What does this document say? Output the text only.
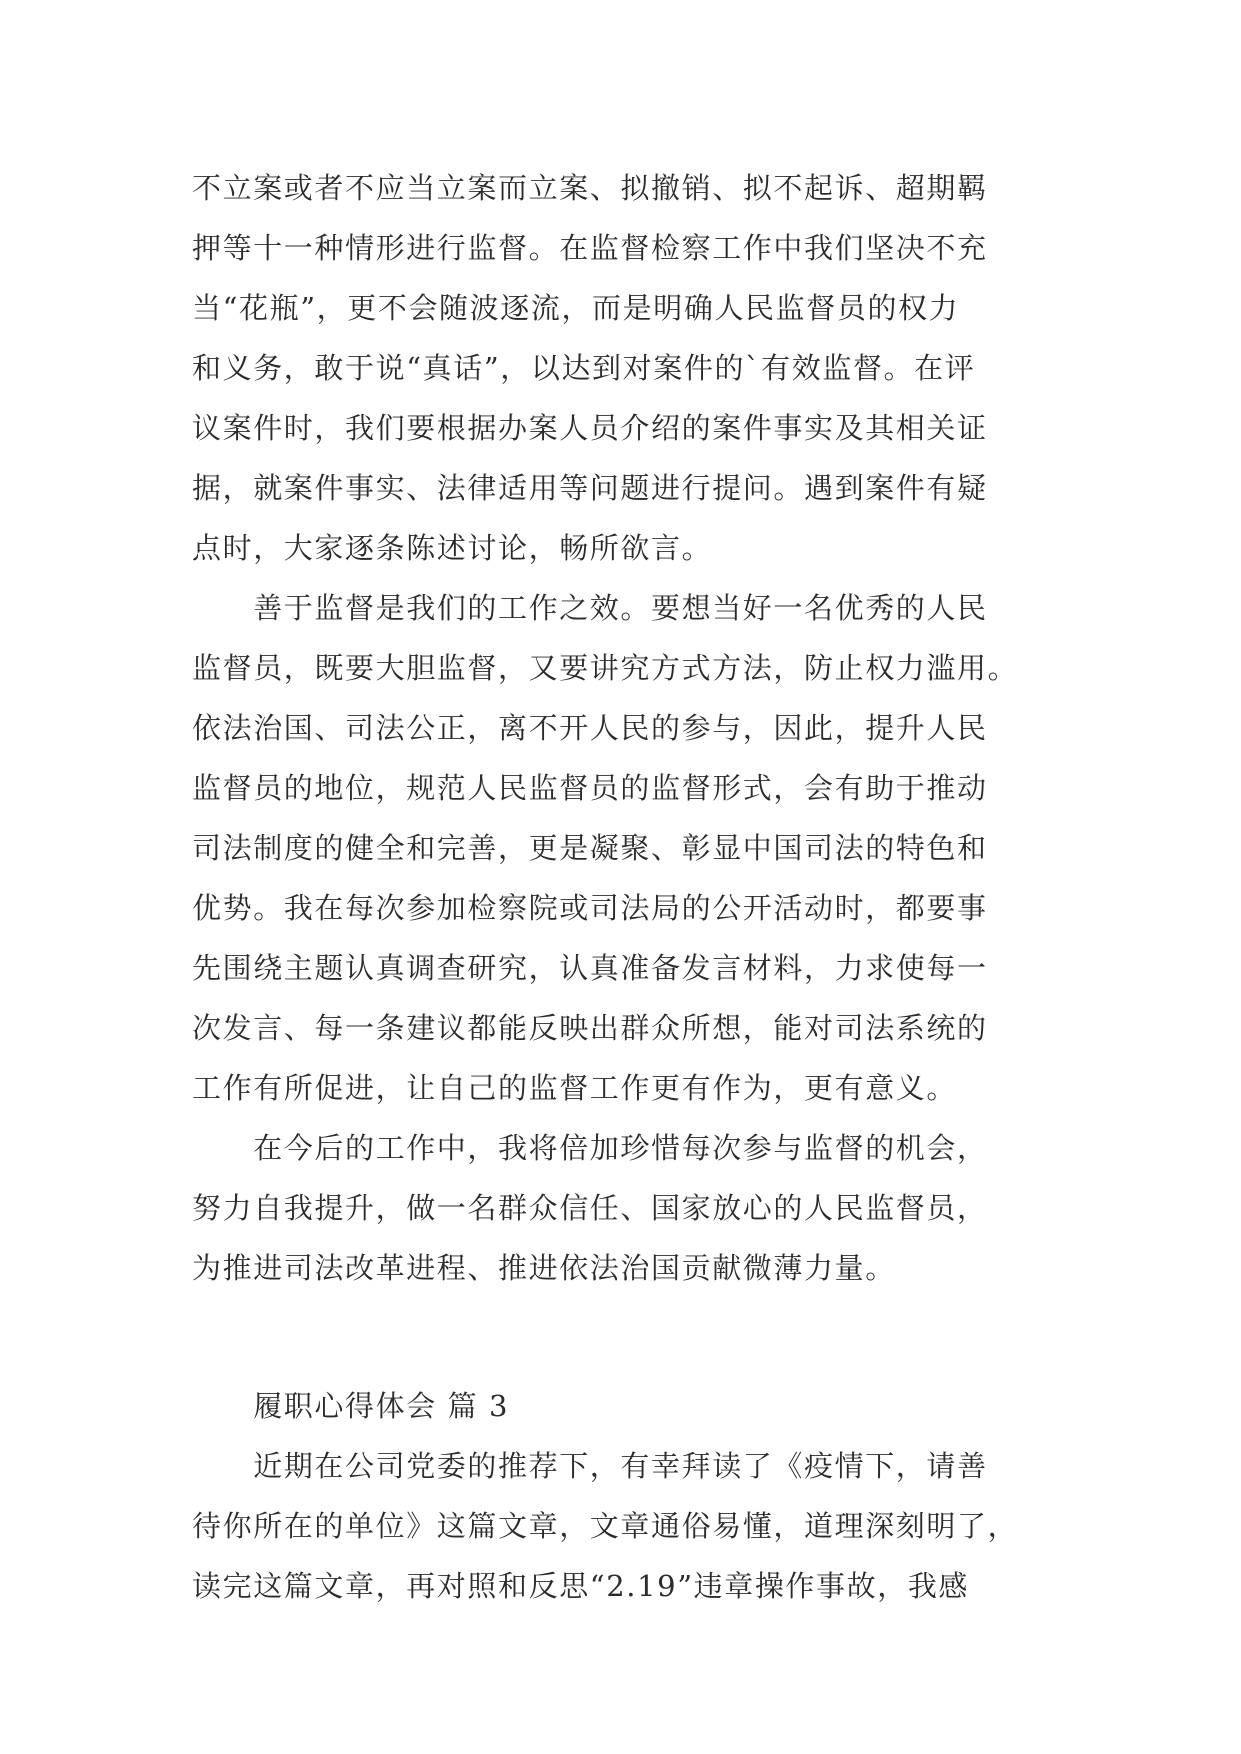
不立案或者不应当立案而立案、拟撤销、拟不起诉、超期羁
押等十一种情形进行监督。在监督检察工作中我们坚决不充
当“花瓶”，更不会随波逐流，而是明确人民监督员的权力
和义务，敢于说“真话”，以达到对案件的`有效监督。在评
议案件时，我们要根据办案人员介绍的案件事实及其相关证
据，就案件事实、法律适用等问题进行提问。遇到案件有疑
点时，大家逐条陈述讨论，畅所欲言。
　　善于监督是我们的工作之效。要想当好一名优秀的人民
监督员，既要大胆监督，又要讲究方式方法，防止权力滥用。
依法治国、司法公正，离不开人民的参与，因此，提升人民
监督员的地位，规范人民监督员的监督形式，会有助于推动
司法制度的健全和完善，更是凝聚、彰显中国司法的特色和
优势。我在每次参加检察院或司法局的公开活动时，都要事
先围绕主题认真调查研究，认真准备发言材料，力求使每一
次发言、每一条建议都能反映出群众所想，能对司法系统的
工作有所促进，让自己的监督工作更有作为，更有意义。
　　在今后的工作中，我将倍加珍惜每次参与监督的机会，
努力自我提升，做一名群众信任、国家放心的人民监督员，
为推进司法改革进程、推进依法治国贡献微薄力量。
　　履职心得体会 篇 3
　　近期在公司党委的推荐下，有幸拜读了《疫情下，请善
待你所在的单位》这篇文章，文章通俗易懂，道理深刻明了，
读完这篇文章，再对照和反思“2.19”违章操作事故，我感
